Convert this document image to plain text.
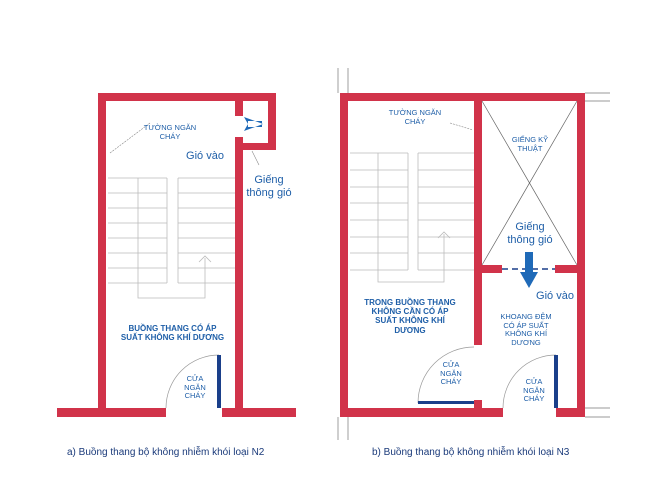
TƯỜNG NGĂN CHÁY
Gió vào
Giếng thông gió
BUỒNG THANG CÓ ÁP SUẤT KHÔNG KHÍ DƯƠNG
CỬA NGĂN CHÁY
a) Buồng thang bộ không nhiễm khói loại N2
TƯỜNG NGĂN CHÁY
GIẾNG KỸ THUẬT
Giếng thông gió
Gió vào
TRONG BUỒNG THANG KHÔNG CẦN CÓ ÁP SUẤT KHÔNG KHÍ DƯƠNG
KHOANG ĐỆM CÓ ÁP SUẤT KHÔNG KHÍ DƯƠNG
CỬA NGĂN CHÁY	CỬA NGĂN CHÁY
b) Buồng thang bộ không nhiễm khói loại N3
